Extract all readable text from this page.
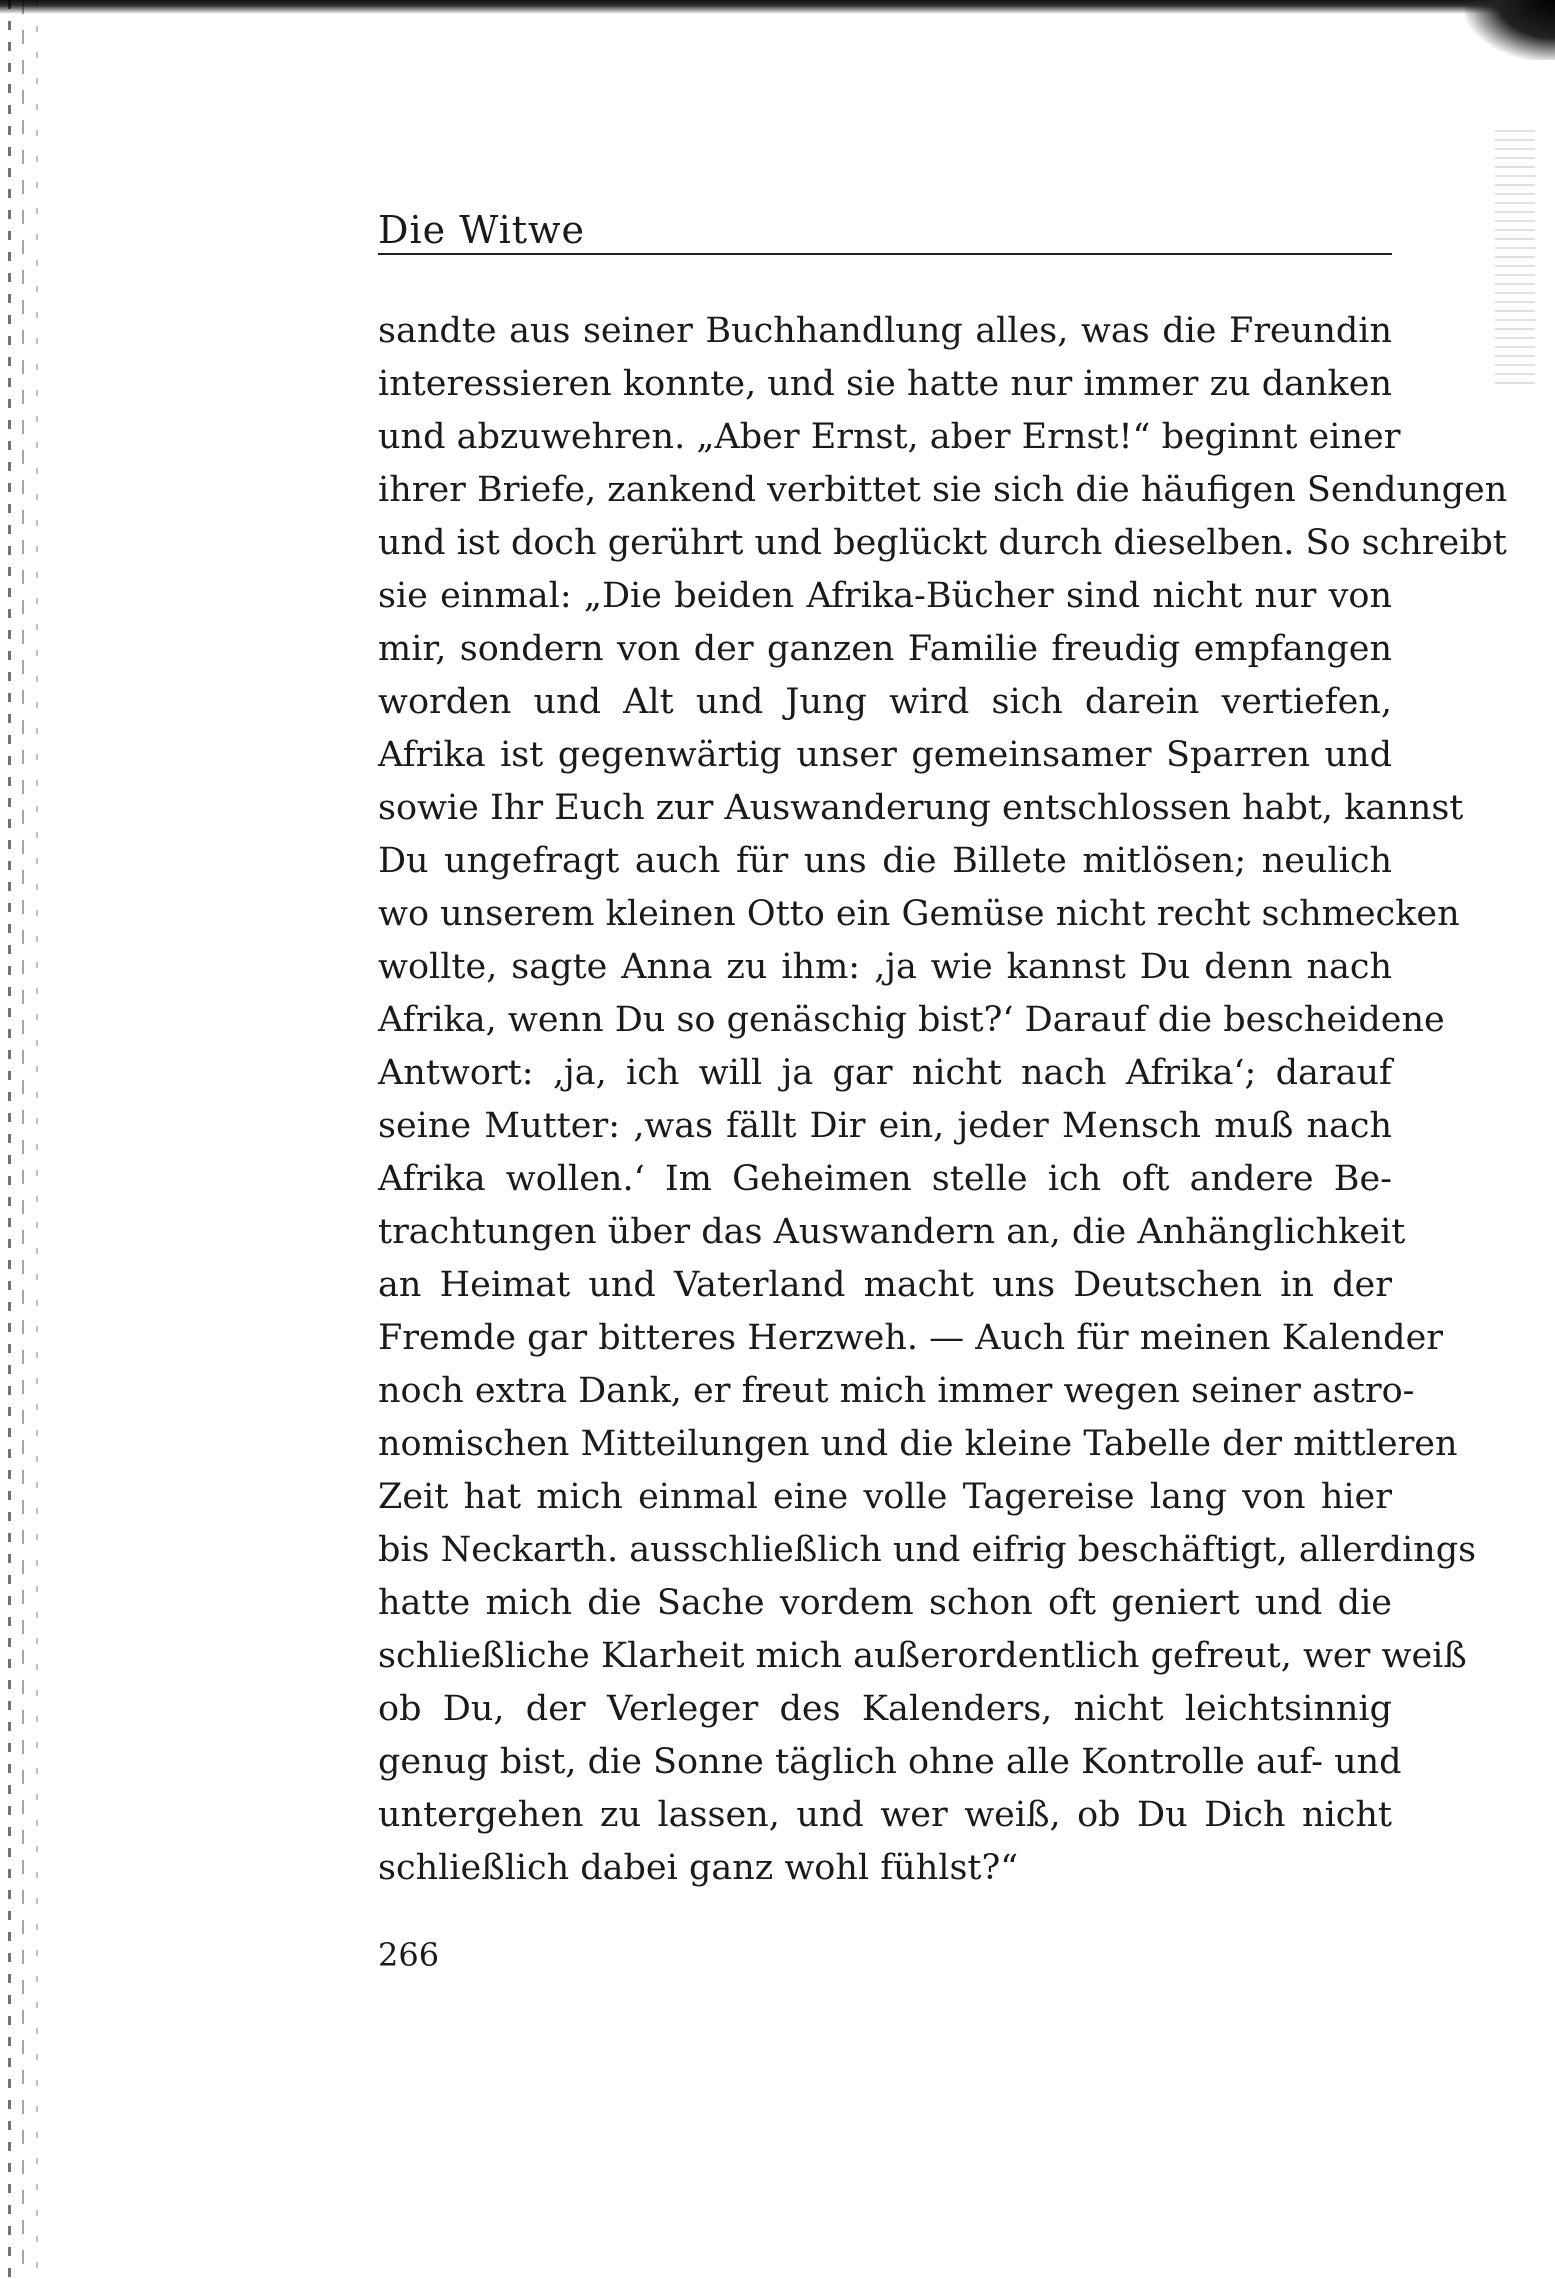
Die Witwe
sandte aus seiner Buchhandlung alles, was die Freundin
interessieren konnte, und sie hatte nur immer zu danken
und abzuwehren. „Aber Ernst, aber Ernst!“ beginnt einer
ihrer Briefe, zankend verbittet sie sich die häufigen Sendungen
und ist doch gerührt und beglückt durch dieselben. So schreibt
sie einmal: „Die beiden Afrika-Bücher sind nicht nur von
mir, sondern von der ganzen Familie freudig empfangen
worden und Alt und Jung wird sich darein vertiefen,
Afrika ist gegenwärtig unser gemeinsamer Sparren und
sowie Ihr Euch zur Auswanderung entschlossen habt, kannst
Du ungefragt auch für uns die Billete mitlösen; neulich
wo unserem kleinen Otto ein Gemüse nicht recht schmecken
wollte, sagte Anna zu ihm: ‚ja wie kannst Du denn nach
Afrika, wenn Du so genäschig bist?‘ Darauf die bescheidene
Antwort: ‚ja, ich will ja gar nicht nach Afrika‘; darauf
seine Mutter: ‚was fällt Dir ein, jeder Mensch muß nach
Afrika wollen.‘ Im Geheimen stelle ich oft andere Be-
trachtungen über das Auswandern an, die Anhänglichkeit
an Heimat und Vaterland macht uns Deutschen in der
Fremde gar bitteres Herzweh. — Auch für meinen Kalender
noch extra Dank, er freut mich immer wegen seiner astro-
nomischen Mitteilungen und die kleine Tabelle der mittleren
Zeit hat mich einmal eine volle Tagereise lang von hier
bis Neckarth. ausschließlich und eifrig beschäftigt, allerdings
hatte mich die Sache vordem schon oft geniert und die
schließliche Klarheit mich außerordentlich gefreut, wer weiß
ob Du, der Verleger des Kalenders, nicht leichtsinnig
genug bist, die Sonne täglich ohne alle Kontrolle auf- und
untergehen zu lassen, und wer weiß, ob Du Dich nicht
schließlich dabei ganz wohl fühlst?“
266
